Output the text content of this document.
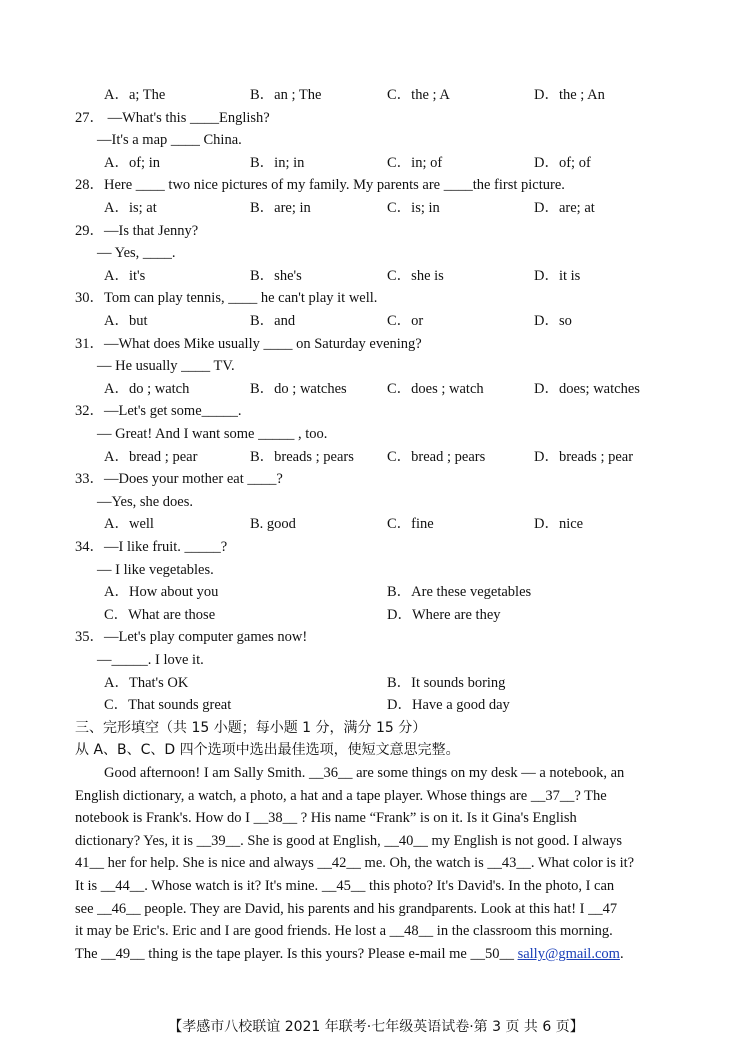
A．a; The	B．an ; The	C．the ; A	D．the ; An
27． —What's this ____English?
—It's a map ____ China.
A．of; in	B．in; in	C．in; of	D．of; of
28．Here ____ two nice pictures of my family. My parents are ____the first picture.
A．is; at	B．are; in	C．is; in	D．are; at
29．—Is that Jenny?
— Yes, ____.
A．it's	B．she's	C．she is	D．it is
30．Tom can play tennis, ____ he can't play it well.
A．but	B．and	C．or	D．so
31．—What does Mike usually ____ on Saturday evening?
— He usually ____ TV.
A．do ; watch	B．do ; watches	C．does ; watch	D．does; watches
32．—Let's get some_____.
— Great! And I want some _____ , too.
A．bread ; pear	B．breads ; pears C．bread ; pears	D．breads ; pear
33．—Does your mother eat ____?
—Yes, she does.
A．well	B. good	C．fine	D．nice
34．—I like fruit. _____?
— I like vegetables.
A．How about you	B．Are these vegetables
C．What are those	D．Where are they
35．—Let's play computer games now!
—_____. I love it.
A．That's OK	B．It sounds boring
C．That sounds great	D．Have a good day
三、完形填空（共 15 小题；每小题 1 分，满分 15 分）
从 A、B、C、D 四个选项中选出最佳选项，使短文意思完整。
Good afternoon! I am Sally Smith. __36__ are some things on my desk — a notebook, an
English dictionary, a watch, a photo, a hat and a tape player. Whose things are __37__? The
notebook is Frank's. How do I __38__ ? His name “Frank” is on it. Is it Gina's English
dictionary? Yes, it is __39__. She is good at English, __40__ my English is not good. I always
41__ her for help. She is nice and always __42__ me. Oh, the watch is __43__. What color is it?
It is __44__. Whose watch is it? It's mine. __45__ this photo? It's David's. In the photo, I can
see __46__ people. They are David, his parents and his grandparents. Look at this hat! I __47
it may be Eric's. Eric and I are good friends. He lost a __48__ in the classroom this morning.
The __49__ thing is the tape player. Is this yours? Please e-mail me __50__ sally@gmail.com.
【孝感市八校联谊 2021 年联考·七年级英语试卷·第 3 页 共 6 页】
